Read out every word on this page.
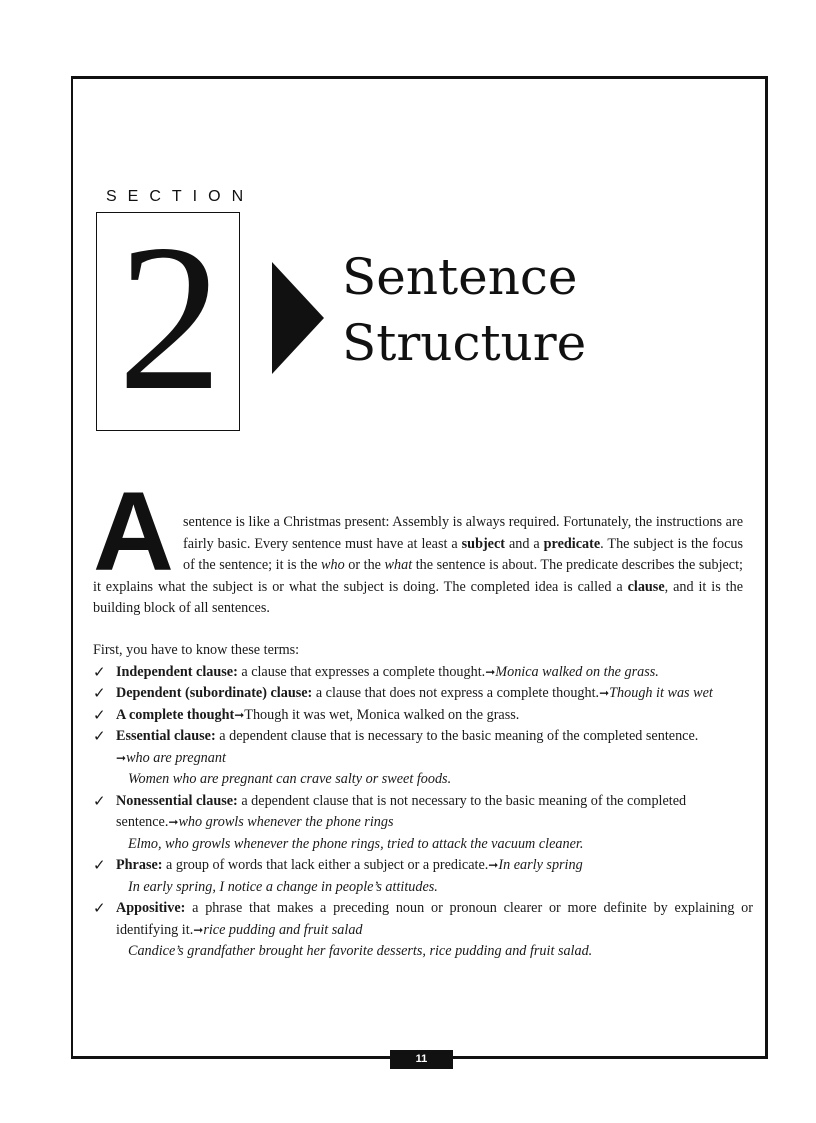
SECTION
2 Sentence
Structure
A sentence is like a Christmas present: Assembly is always required. Fortunately, the instructions are fairly basic. Every sentence must have at least a subject and a predicate. The subject is the focus of the sentence; it is the who or the what the sentence is about. The predicate describes the subject; it explains what the subject is or what the subject is doing. The completed idea is called a clause, and it is the building block of all sentences.

First, you have to know these terms:

✓ Independent clause: a clause that expresses a complete thought.➞Monica walked on the grass.

✓ Dependent (subordinate) clause: a clause that does not express a complete thought.➞Though it was wet

✓ A complete thought➞Though it was wet, Monica walked on the grass.

✓ Essential clause: a dependent clause that is necessary to the basic meaning of the completed sentence.

➞who are pregnant

Women who are pregnant can crave salty or sweet foods.

✓ Nonessential clause: a dependent clause that is not necessary to the basic meaning of the completed

sentence.➞who growls whenever the phone rings

Elmo, who growls whenever the phone rings, tried to attack the vacuum cleaner.

✓ Phrase: a group of words that lack either a subject or a predicate.➞In early spring

In early spring, I notice a change in people’s attitudes.

✓ Appositive: a phrase that makes a preceding noun or pronoun clearer or more definite by explaining or identifying it.➞rice pudding and fruit salad

Candice’s grandfather brought her favorite desserts, rice pudding and fruit salad.

11
